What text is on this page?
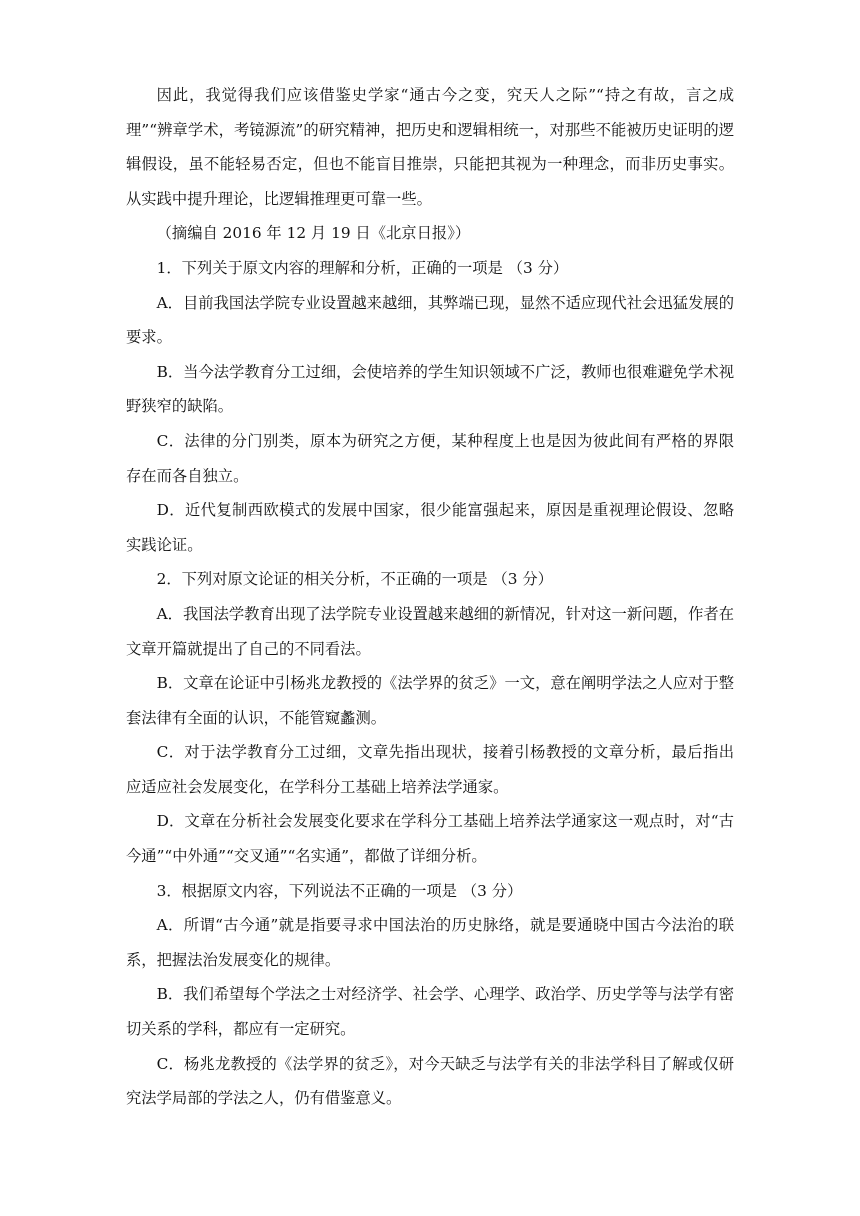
因此，我觉得我们应该借鉴史学家“通古今之变，究天人之际”“持之有故，言之成理”“辨章学术，考镜源流”的研究精神，把历史和逻辑相统一，对那些不能被历史证明的逻辑假设，虽不能轻易否定，但也不能盲目推崇，只能把其视为一种理念，而非历史事实。从实践中提升理论，比逻辑推理更可靠一些。

（摘编自 2016 年 12 月 19 日《北京日报》）

1．下列关于原文内容的理解和分析，正确的一项是 （3 分）

A．目前我国法学院专业设置越来越细，其弊端已现，显然不适应现代社会迅猛发展的要求。

B．当今法学教育分工过细，会使培养的学生知识领域不广泛，教师也很难避免学术视野狭窄的缺陷。

C．法律的分门别类，原本为研究之方便，某种程度上也是因为彼此间有严格的界限存在而各自独立。

D．近代复制西欧模式的发展中国家，很少能富强起来，原因是重视理论假设、忽略实践论证。

2．下列对原文论证的相关分析，不正确的一项是 （3 分）

A．我国法学教育出现了法学院专业设置越来越细的新情况，针对这一新问题，作者在文章开篇就提出了自己的不同看法。

B．文章在论证中引杨兆龙教授的《法学界的贫乏》一文，意在阐明学法之人应对于整套法律有全面的认识，不能管窥蠡测。

C．对于法学教育分工过细，文章先指出现状，接着引杨教授的文章分析，最后指出应适应社会发展变化，在学科分工基础上培养法学通家。

D．文章在分析社会发展变化要求在学科分工基础上培养法学通家这一观点时，对“古今通”“中外通”“交叉通”“名实通”，都做了详细分析。

3．根据原文内容，下列说法不正确的一项是 （3 分）

A．所谓“古今通”就是指要寻求中国法治的历史脉络，就是要通晓中国古今法治的联系，把握法治发展变化的规律。

B．我们希望每个学法之士对经济学、社会学、心理学、政治学、历史学等与法学有密切关系的学科，都应有一定研究。

C．杨兆龙教授的《法学界的贫乏》，对今天缺乏与法学有关的非法学科目了解或仅研究法学局部的学法之人，仍有借鉴意义。
